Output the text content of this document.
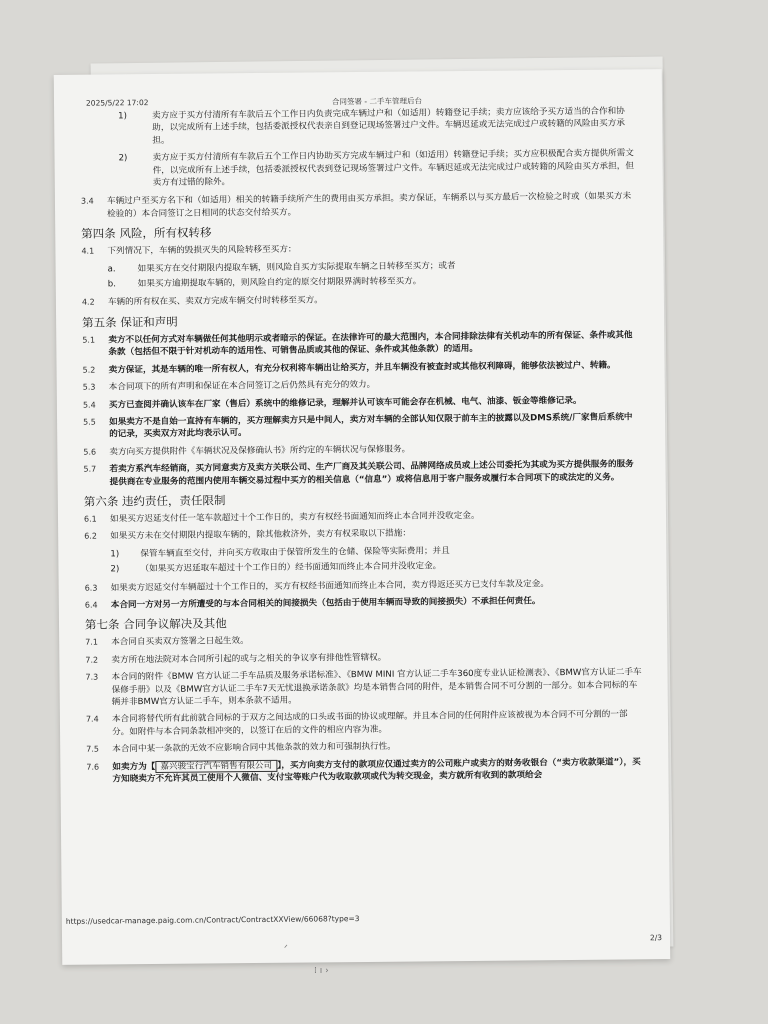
2025/5/22 17:02	合同签署 - 二手车管理后台
1)	卖方应于买方付清所有车款后五个工作日内负责完成车辆过户和（如适用）转籍登记手续；卖方应该给予买方适当的合作和协助，以完成所有上述手续，包括委派授权代表亲自到登记现场签署过户文件。车辆迟延或无法完成过户或转籍的风险由买方承担。
2)	卖方应于买方付清所有车款后五个工作日内协助买方完成车辆过户和（如适用）转籍登记手续；买方应积极配合卖方提供所需文件，以完成所有上述手续，包括委派授权代表到登记现场签署过户文件。车辆迟延或无法完成过户或转籍的风险由买方承担，但卖方有过错的除外。
3.4	车辆过户至买方名下和（如适用）相关的转籍手续所产生的费用由买方承担。卖方保证，车辆系以与买方最后一次检验之时或（如果买方未检验的）本合同签订之日相同的状态交付给买方。
第四条 风险，所有权转移
4.1	下列情况下，车辆的毁损灭失的风险转移至买方：
a.	如果买方在交付期限内提取车辆，则风险自买方实际提取车辆之日转移至买方；或者
b.	如果买方逾期提取车辆的，则风险自约定的原交付期限界满时转移至买方。
4.2	车辆的所有权在买、卖双方完成车辆交付时转移至买方。
第五条 保证和声明
5.1	卖方不以任何方式对车辆做任何其他明示或者暗示的保证。在法律许可的最大范围内，本合同排除法律有关机动车的所有保证、条件或其他条款（包括但不限于针对机动车的适用性、可销售品质或其他的保证、条件或其他条款）的适用。
5.2	卖方保证，其是车辆的唯一所有权人，有充分权利将车辆出让给买方，并且车辆没有被查封或其他权利障碍，能够依法被过户、转籍。
5.3	本合同项下的所有声明和保证在本合同签订之后仍然具有充分的效力。
5.4	买方已查阅并确认该车在厂家（售后）系统中的维修记录，理解并认可该车可能会存在机械、电气、油漆、钣金等维修记录。
5.5	如果卖方不是自始一直持有车辆的，买方理解卖方只是中间人，卖方对车辆的全部认知仅限于前车主的披露以及DMS系统/厂家售后系统中的记录，买卖双方对此均表示认可。
5.6	卖方向买方提供附件《车辆状况及保修确认书》所约定的车辆状况与保修服务。
5.7	若卖方系汽车经销商，买方同意卖方及卖方关联公司、生产厂商及其关联公司、品牌网络成员或上述公司委托为其或为买方提供服务的服务提供商在专业服务的范围内使用车辆交易过程中买方的相关信息（“信息”）或将信息用于客户服务或履行本合同项下的或法定的义务。
第六条 违约责任，责任限制
6.1	如果买方迟延支付任一笔车款超过十个工作日的，卖方有权经书面通知而终止本合同并没收定金。
6.2	如果买方未在交付期限内提取车辆的，除其他救济外，卖方有权采取以下措施：
1)	保管车辆直至交付，并向买方收取由于保管所发生的仓储、保险等实际费用；并且
2)	（如果买方迟延取车超过十个工作日的）经书面通知而终止本合同并没收定金。
6.3	如果卖方迟延交付车辆超过十个工作日的，买方有权经书面通知而终止本合同，卖方得返还买方已支付车款及定金。
6.4	本合同一方对另一方所遭受的与本合同相关的间接损失（包括由于使用车辆而导致的间接损失）不承担任何责任。
第七条 合同争议解决及其他
7.1	本合同自买卖双方签署之日起生效。
7.2	卖方所在地法院对本合同所引起的或与之相关的争议享有排他性管辖权。
7.3	本合同的附件《BMW 官方认证二手车品质及服务承诺标准》、《BMW MINI 官方认证二手车360度专业认证检测表》、《BMW官方认证二手车保修手册》以及《BMW官方认证二手车7天无忧退换承诺条款》均是本销售合同的附件，是本销售合同不可分割的一部分。如本合同标的车辆并非BMW官方认证二手车，则本条款不适用。
7.4	本合同将替代所有此前就合同标的于双方之间达成的口头或书面的协议或理解。并且本合同的任何附件应该被视为本合同不可分割的一部分。如附件与本合同条款相冲突的，以签订在后的文件的相应内容为准。
7.5	本合同中某一条款的无效不应影响合同中其他条款的效力和可强制执行性。
7.6	如卖方为【 嘉兴骏宝行汽车销售有限公司 】，买方向卖方支付的款项应仅通过卖方的公司账户或卖方的财务收银台（“卖方收款渠道”），买方知晓卖方不允许其员工使用个人微信、支付宝等账户代为收取款项或代为转交现金，卖方就所有收到的款项给会
https://usedcar-manage.paig.com.cn/Contract/ContractXXView/66068?type=3
2/3
ᐟ
⁞ ı ›
